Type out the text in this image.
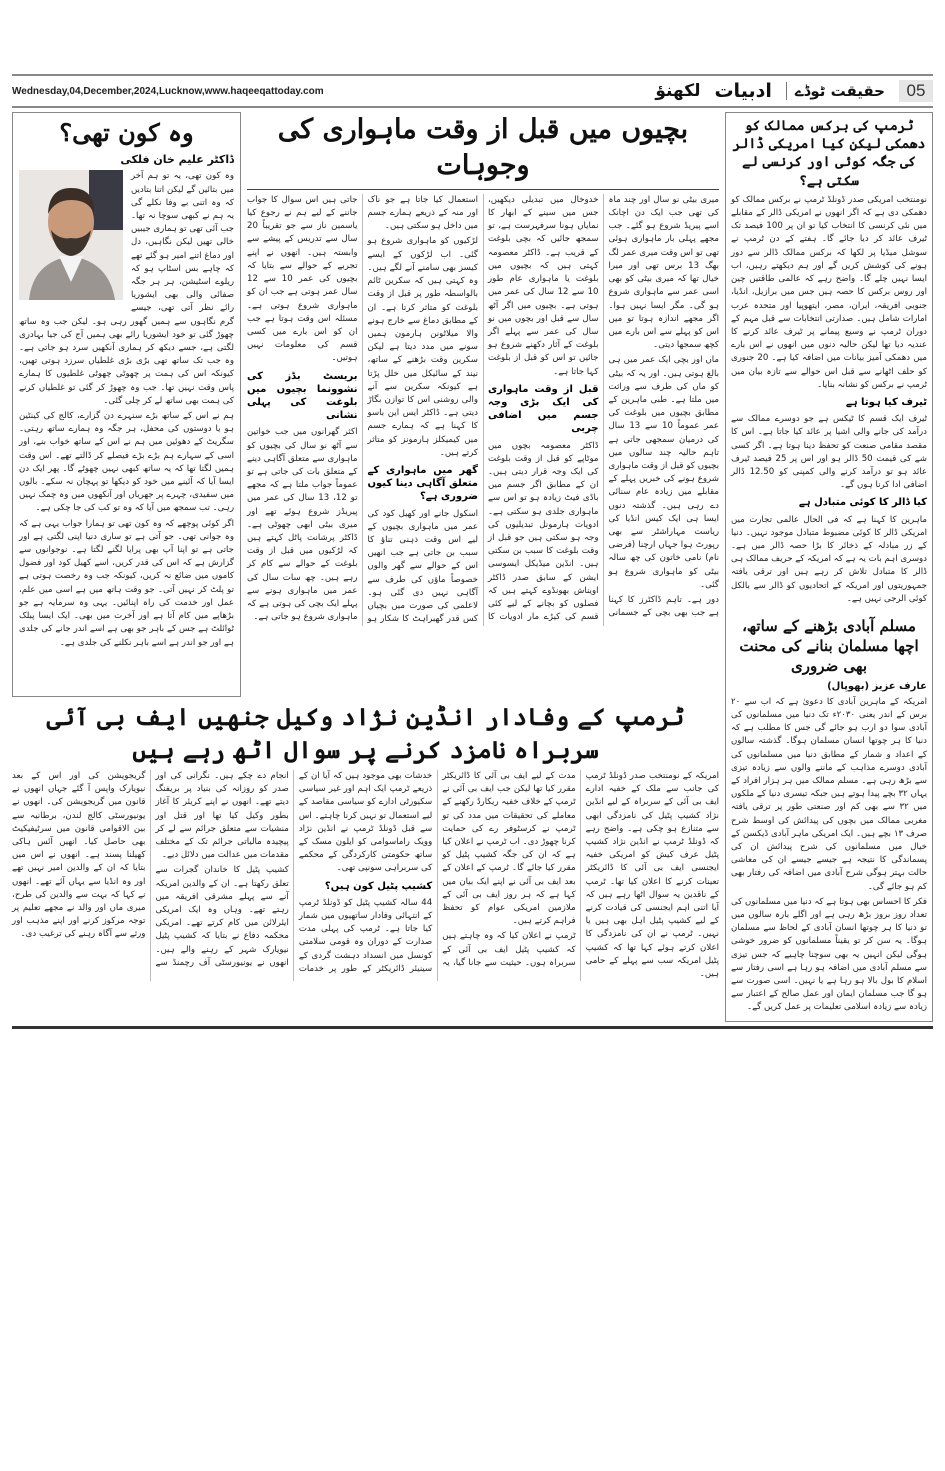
Wednesday,04,December,2024,Lucknow,www.haqeeqattoday.com	05
حقیقت ٹوڈے
ادبیات
لکھنؤ
وہ کون تھی؟
ڈاکٹر علیم خان فلکی

وہ کون تھی، یہ تو ہم آخر میں بتائیں گے لیکن اتنا بتادیں کہ وہ اتنی بے وفا نکلے گی یہ ہم نے کبھی سوچا نہ تھا۔ جب آئی تھی تو ہماری جیبیں خالی تھیں لیکن نگاہیں، دل اور دماغ اتنے امیر ہو گئے تھے کہ چاہے بس اسٹاپ ہو کہ ریلوے اسٹیشن، ہر ہر جگہ صفائی والی بھی ایشوریا رائے نظر آتی تھی، جیسے گرم نگاہوں سے ہمیں گھور رہی ہو۔ لیکن جب وہ ساتھ چھوڑ گئی تو خود ایشوریا رائے بھی ہمیں آج کی جیا بہادری لگتی ہے، جسے دیکھ کر ہماری آنکھیں سرد ہو جاتی ہے۔ وہ جب تک ساتھ تھی بڑی بڑی غلطیاں سرزد ہوتی تھیں، کیونکہ اس کی ہمت پر چھوٹی چھوٹی غلطیوں کا ہمارے پاس وقت نہیں تھا۔ جب وہ چھوڑ کر گئی تو غلطیاں کرنے کی ہمت بھی ساتھ لے کر چلی گئی۔

ہم نے اس کے ساتھ بڑے سنہرے دن گزارے، کالج کی کینٹین ہو یا دوستوں کی محفل، ہر جگہ وہ ہمارے ساتھ رہتی۔ سگریٹ کے دھوئیں میں ہم نے اس کے ساتھ خواب بنے، اور اسی کے سہارے ہم بڑے بڑے فیصلے کر ڈالتے تھے۔ اس وقت ہمیں لگتا تھا کہ یہ ساتھ کبھی نہیں چھوٹے گا۔ پھر ایک دن ایسا آیا کہ آئینے میں خود کو دیکھا تو پہچان نہ سکے۔ بالوں میں سفیدی، چہرے پر جھریاں اور آنکھوں میں وہ چمک نہیں رہی۔ تب سمجھ میں آیا کہ وہ تو کب کی جا چکی ہے۔

اگر کوئی پوچھے کہ وہ کون تھی تو ہمارا جواب یہی ہے کہ وہ جوانی تھی۔ جو آتی ہے تو ساری دنیا اپنی لگتی ہے اور جاتی ہے تو اپنا آپ بھی پرایا لگنے لگتا ہے۔ نوجوانوں سے گزارش ہے کہ اس کی قدر کریں، اسے کھیل کود اور فضول کاموں میں ضائع نہ کریں، کیونکہ جب وہ رخصت ہوتی ہے تو پلٹ کر نہیں آتی۔ جو وقت ہاتھ میں ہے اسی میں علم، عمل اور خدمت کی راہ اپنائیں۔ یہی وہ سرمایہ ہے جو بڑھاپے میں کام آتا ہے اور آخرت میں بھی۔ ایک ایسا پبلک ٹوائلٹ ہے جس کے باہر جو بھی ہے اسے اندر جانے کی جلدی ہے اور جو اندر ہے اسے باہر نکلنے کی جلدی ہے۔

بچیوں میں قبل از وقت ماہواری کی وجوہات

میری بیٹی نو سال اور چند ماہ کی تھی جب ایک دن اچانک اسے پیریڈ شروع ہو گئے۔ جب مجھے پہلی بار ماہواری ہوئی تھی تو اس وقت میری عمر لگ بھگ 13 برس تھی اور میرا خیال تھا کہ میری بیٹی کو بھی اسی عمر سے ماہواری شروع ہو گی۔ مگر ایسا نہیں ہوا۔ اگر مجھے اندازہ ہوتا تو میں اس کو پہلے سے اس بارے میں کچھ سمجھا دیتی۔

ماں اور بچی ایک عمر میں ہی بالغ ہوتی ہیں۔ اور یہ کہ بیٹی کو ماں کی طرف سے وراثت میں ملتا ہے۔ طبی ماہرین کے مطابق بچیوں میں بلوغت کی عمر عموماً 10 سے 13 سال کی درمیان سمجھی جاتی ہے تاہم حالیہ چند سالوں میں بچیوں کو قبل از وقت ماہواری شروع ہونے کی خبریں پہلے کے مقابلے میں زیادہ عام سنائی دے رہی ہیں۔ گذشتہ دنوں ایسا ہی ایک کیس انڈیا کی ریاست مہاراشٹر سے بھی رپورٹ ہوا جہاں ارچنا (فرضی نام) نامی خاتون کی چھ سالہ بیٹی کو ماہواری شروع ہو گئی۔

دور ہے۔ تاہم ڈاکٹرز کا کہنا ہے جب بھی بچی کے جسمانی خدوخال میں تبدیلی دیکھیں، جس میں سینے کے ابھار کا نمایاں ہونا سرفہرست ہے، تو سمجھ جائیں کہ بچی بلوغت کے قریب ہے۔ ڈاکٹر معصومہ کہتی ہیں کہ بچیوں میں بلوغت یا ماہواری عام طور 10 سے 12 سال کی عمر میں ہوتی ہے۔ بچیوں میں اگر آٹھ سال سے قبل اور بچوں میں نو سال کی عمر سے پہلے اگر بلوغت کے آثار دکھنے شروع ہو جائیں تو اس کو قبل از بلوغت کہا جاتا ہے۔

قبل از وقت ماہواری کی ایک بڑی وجہ جسم میں اضافی چربی

ڈاکٹر معصومہ بچوں میں موٹاپے کو قبل از وقت بلوغت کی ایک وجہ قرار دیتی ہیں۔ ان کے مطابق اگر جسم میں باڈی فیٹ زیادہ ہو تو اس سے ماہواری جلدی ہو سکتی ہے۔ ادویات ہارمونل تبدیلیوں کی وجہ ہو سکتی ہیں جو قبل از وقت بلوغت کا سبب بن سکتی ہیں۔ انڈین میڈیکل ایسوسی ایشن کے سابق صدر ڈاکٹر اویناش بھونڈوے کہتے ہیں کہ فصلوں کو بچانے کے لیے کئی قسم کی کیڑے مار ادویات کا استعمال کیا جاتا ہے جو ناک اور منہ کے ذریعے ہمارے جسم میں داخل ہو سکتی ہیں۔

لڑکیوں کو ماہواری شروع ہو گئی۔ اب لڑکوں کے ایسے کیسز بھی سامنے آنے لگے ہیں۔ وہ کہتی ہیں کہ سکرین ٹائم بالواسطہ طور پر قبل از وقت بلوغت کو متاثر کرتا ہے۔ ان کے مطابق دماغ سے خارج ہونے والا میلاٹونن ہارمون ہمیں سونے میں مدد دیتا ہے لیکن سکرین وقت بڑھنے کے ساتھ، نیند کے سائیکل میں خلل پڑتا ہے کیونکہ سکرین سے آنے والی روشنی اس کا توازن بگاڑ دیتی ہے۔ ڈاکٹر ایس این باسو کا کہنا ہے کہ ہمارے جسم میں کیمیکلز ہارمونز کو متاثر کرتے ہیں۔

گھر میں ماہواری کے متعلق آگاہی دینا کیوں ضروری ہے؟

اسکول جانے اور کھیل کود کی عمر میں ماہواری بچیوں کے لیے اس وقت ذہنی تناؤ کا سبب بن جاتی ہے جب انھیں اس کے حوالے سے گھر والوں خصوصاً ماؤں کی طرف سے آگاہی نہیں دی گئی ہو۔ لاعلمی کی صورت میں بچیاں کس قدر گھبراہٹ کا شکار ہو جاتی ہیں اس سوال کا جواب جاننے کے لیے ہم نے رجوع کیا یاسمین ناز سے جو تقریباً 20 سال سے تدریس کے پیشے سے وابستہ ہیں۔ انھوں نے اپنے تجربے کے حوالے سے بتایا کہ بچیوں کی عمر 10 سے 12 سال عمر ہوتی ہے جب ان کو ماہواری شروع ہوتی ہے۔ مسئلہ اس وقت ہوتا ہے جب ان کو اس بارے میں کسی قسم کی معلومات نہیں ہوتیں۔

بریسٹ بڈز کی نشوونما بچیوں میں بلوغت کی پہلی نشانی

اکثر گھرانوں میں جب خواتین سے آٹھ نو سال کی بچیوں کو ماہواری سے متعلق آگاہی دینے کے متعلق بات کی جاتی ہے تو عموماً جواب ملتا ہے کہ مجھے تو 12، 13 سال کی عمر میں پیریڈز شروع ہوئے تھے اور میری بیٹی ابھی چھوٹی ہے۔ ڈاکٹر پرشانت پاٹل کہتے ہیں کہ لڑکیوں میں قبل از وقت بلوغت کے حوالے سے کام کر رہے ہیں۔ چھ سات سال کی عمر میں ماہواری ہونے سے پہلے ایک بچی کی ہوتی ہے کہ ماہواری شروع ہو جاتی ہے۔

ٹرمپ کی برکس ممالک کو دھمکی لیکن کیا امریکی ڈالر کی جگہ کوئی اور کرنسی لے سکتی ہے؟

نومنتخب امریکی صدر ڈونلڈ ٹرمپ نے برکس ممالک کو دھمکی دی ہے کہ اگر انھوں نے امریکی ڈالر کے مقابلے میں نئی کرنسی کا انتخاب کیا تو ان پر 100 فیصد تک ٹیرف عائد کر دیا جائے گا۔ ہفتے کے دن ٹرمپ نے سوشل میڈیا پر لکھا کہ برکس ممالک ڈالر سے دور ہونے کی کوشش کریں گے اور ہم دیکھتے رہیں، اب ایسا نہیں چلے گا۔ واضح رہے کہ عالمی طاقتیں چین اور روس برکس کا حصہ ہیں جس میں برازیل، انڈیا، جنوبی افریقہ، ایران، مصر، ایتھوپیا اور متحدہ عرب امارات شامل ہیں۔ صدارتی انتخابات سے قبل مہم کے دوران ٹرمپ نے وسیع پیمانے پر ٹیرف عائد کرنے کا عندیہ دیا تھا لیکن حالیہ دنوں میں انھوں نے اس بارے میں دھمکی آمیز بیانات میں اضافہ کیا ہے۔ 20 جنوری کو حلف اٹھانے سے قبل اس حوالے سے تازہ بیان میں ٹرمپ نے برکس کو نشانہ بنایا۔

ٹیرف کیا ہوتا ہے

ٹیرف ایک قسم کا ٹیکس ہے جو دوسرے ممالک سے درآمد کی جانے والی اشیا پر عائد کیا جاتا ہے۔ اس کا مقصد مقامی صنعت کو تحفظ دینا ہوتا ہے۔ اگر کسی شے کی قیمت 50 ڈالر ہو اور اس پر 25 فیصد ٹیرف عائد ہو تو درآمد کرنے والی کمپنی کو 12.50 ڈالر اضافی ادا کرنا ہوں گے۔

کیا ڈالر کا کوئی متبادل ہے

ماہرین کا کہنا ہے کہ فی الحال عالمی تجارت میں امریکی ڈالر کا کوئی مضبوط متبادل موجود نہیں۔ دنیا کے زر مبادلہ کے ذخائر کا بڑا حصہ ڈالر میں ہے۔ دوسری اہم بات یہ ہے کہ امریکہ کے حریف ممالک ہی ڈالر کا متبادل تلاش کر رہے ہیں اور ترقی یافتہ جمہوریتوں اور امریکہ کے اتحادیوں کو ڈالر سے بالکل کوئی الرجی نہیں ہے۔

مسلم آبادی بڑھنے کے ساتھ، اچھا مسلمان بنانے کی محنت بھی ضروری
عارف عزیز (بھوپال)

امریکہ کے ماہرین آبادی کا دعویٰ ہے کہ اب سے ۲۰ برس کے اندر یعنی ۲۰۳۰ء تک دنیا میں مسلمانوں کی آبادی سوا دو ارب ہو جائے گی جس کا مطلب ہے کہ دنیا کا ہر چوتھا انسان مسلمان ہوگا۔ گذشتہ سالوں کے اعداد و شمار کے مطابق دنیا میں مسلمانوں کی آبادی دوسرے مذاہب کے ماننے والوں سے زیادہ تیزی سے بڑھ رہی ہے۔ مسلم ممالک میں ہر ہزار افراد کے یہاں ۳۲ بچے پیدا ہوتے ہیں جبکہ تیسری دنیا کے ملکوں میں ۳۲ سے بھی کم اور صنعتی طور پر ترقی یافتہ مغربی ممالک میں بچوں کی پیدائش کی اوسط شرح صرف ۱۳ بچے ہیں۔ ایک امریکی ماہر آبادی ڈیکسن کے خیال میں مسلمانوں کی شرح پیدائش ان کی پسماندگی کا نتیجہ ہے جیسے جیسے ان کی معاشی حالت بہتر ہوگی شرح آبادی میں اضافہ کی رفتار بھی کم ہو جائے گی۔

فکر کا احساس بھی ہوتا ہے کہ دنیا میں مسلمانوں کی تعداد روز بروز بڑھ رہی ہے اور اگلے بارہ سالوں میں تو دنیا کا ہر چوتھا انسان آبادی کے لحاظ سے مسلمان ہوگا۔ یہ سن کر تو یقیناً مسلمانوں کو ضرور خوشی ہوگی لیکن انہیں یہ بھی سوچنا چاہیے کہ جس تیزی سے مسلم آبادی میں اضافہ ہو رہا ہے اسی رفتار سے اسلام کا بول بالا ہو رہا ہے یا نہیں۔ اسی صورت سے ہو گا جب مسلمان ایمان اور عمل صالح کے اعتبار سے زیادہ سے زیادہ اسلامی تعلیمات پر عمل کریں گے۔

ٹرمپ کے وفادار انڈین نژاد وکیل جنھیں ایف بی آئی سربراہ نامزد کرنے پر سوال اٹھ رہے ہیں

امریکہ کے نومنتخب صدر ڈونلڈ ٹرمپ کی جانب سے ملک کے خفیہ ادارے ایف بی آئی کے سربراہ کے لیے انڈین نژاد کشیپ پٹیل کی نامزدگی ابھی سے متنازع ہو چکی ہے۔ واضح رہے کہ ڈونلڈ ٹرمپ نے انڈین نژاد کشیپ پٹیل عرف کیش کو امریکی خفیہ ایجنسی ایف بی آئی کا ڈائریکٹر تعینات کرنے کا اعلان کیا تھا۔ ٹرمپ کے ناقدین یہ سوال اٹھا رہے ہیں کہ آیا اتنی اہم ایجنسی کی قیادت کرنے کے لیے کشیپ پٹیل اہل بھی ہیں یا نہیں۔ ٹرمپ نے ان کی نامزدگی کا اعلان کرتے ہوئے کہا تھا کہ کشیپ پٹیل امریکہ سب سے پہلے کے حامی ہیں۔

مدت کے لیے ایف بی آئی کا ڈائریکٹر مقرر کیا تھا لیکن جب ایف بی آئی نے ٹرمپ کے خلاف خفیہ ریکارڈ رکھنے کے معاملے کی تحقیقات میں مدد کی تو ٹرمپ نے کرسٹوفر رے کی حمایت کرنا چھوڑ دی۔ اب ٹرمپ نے اعلان کیا ہے کہ ان کی جگہ کشیپ پٹیل کو مقرر کیا جائے گا۔ ٹرمپ کے اعلان کے بعد ایف بی آئی نے اپنے ایک بیان میں کہا ہے کہ ہر روز ایف بی آئی کے ملازمین امریکی عوام کو تحفظ فراہم کرتے ہیں۔

ٹرمپ نے اعلان کیا کہ وہ چاہتے ہیں کہ کشیپ پٹیل ایف بی آئی کے سربراہ ہوں۔ حیثیت سے جانا گیا، یہ خدشات بھی موجود ہیں کہ آیا ان کے ذریعے ٹرمپ ایک اہم اور غیر سیاسی سکیورٹی ادارے کو سیاسی مقاصد کے لیے استعمال تو نہیں کرنا چاہتے۔ اس سے قبل ڈونلڈ ٹرمپ نے انڈین نژاد وویک راماسوامی کو ایلون مسک کے ساتھ حکومتی کارکردگی کے محکمے کی سربراہی سونپی تھی۔

کشیپ پٹیل کون ہیں؟

44 سالہ کشیپ پٹیل کو ڈونلڈ ٹرمپ کے انتہائی وفادار ساتھیوں میں شمار کیا جاتا ہے۔ ٹرمپ کی پہلی مدت صدارت کے دوران وہ قومی سلامتی کونسل میں انسداد دہشت گردی کے سینیئر ڈائریکٹر کے طور پر خدمات انجام دے چکے ہیں۔ نگرانی کی اور صدر کو روزانہ کی بنیاد پر بریفنگ دیتے تھے۔ انھوں نے اپنے کریئر کا آغاز بطور وکیل کیا تھا اور قتل اور منشیات سے متعلق جرائم سے لے کر پیچیدہ مالیاتی جرائم تک کے مختلف مقدمات میں عدالت میں دلائل دیے۔

کشیپ پٹیل کا خاندان گجرات سے تعلق رکھتا ہے۔ ان کے والدین امریکہ آنے سے پہلے مشرقی افریقہ میں رہتے تھے۔ وہاں وہ ایک امریکی ایئرلائن میں کام کرتے تھے۔ امریکی محکمہ دفاع نے بتایا کہ کشیپ پٹیل نیویارک شہر کے رہنے والے ہیں۔ انھوں نے یونیورسٹی آف رچمنڈ سے گریجویشن کی اور اس کے بعد نیویارک واپس آ گئے جہاں انھوں نے قانون میں گریجویشن کی۔ انھوں نے یونیورسٹی کالج لندن، برطانیہ سے بین الاقوامی قانون میں سرٹیفیکیٹ بھی حاصل کیا۔ انھیں آئس ہاکی کھیلنا پسند ہے۔ انھوں نے اس میں بتایا کہ ان کے والدین امیر نہیں تھے اور وہ انڈیا سے یہاں آئے تھے۔ انھوں نے کہا کہ بہت سے والدین کی طرح، میری ماں اور والد نے مجھے تعلیم پر توجہ مرکوز کرنے اور اپنے مذہب اور ورثے سے آگاہ رہنے کی ترغیب دی۔
